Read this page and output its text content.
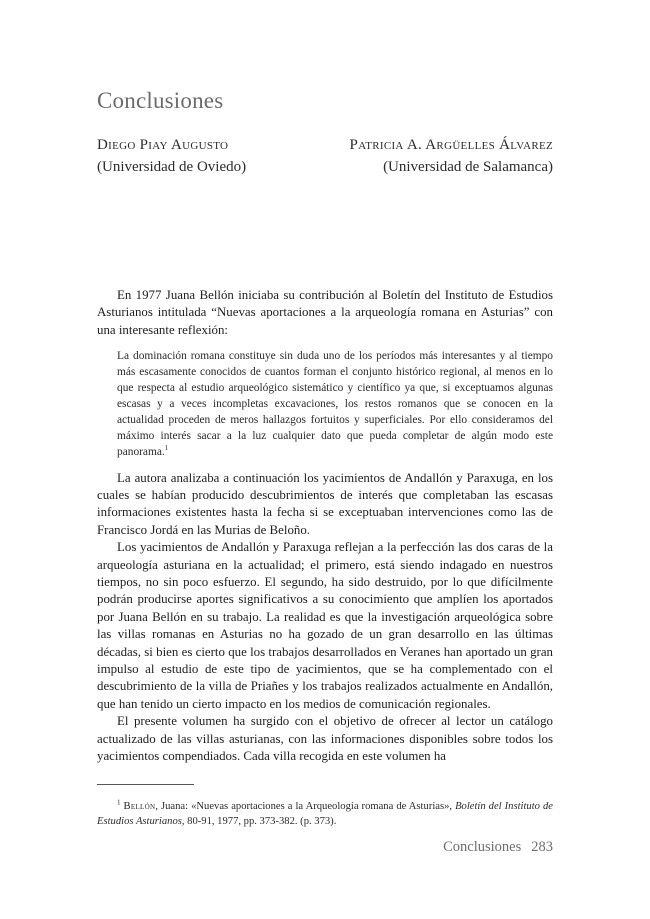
Conclusiones
Diego Piay Augusto
(Universidad de Oviedo)
Patricia A. Argüelles Álvarez
(Universidad de Salamanca)

En 1977 Juana Bellón iniciaba su contribución al Boletín del Instituto de Estudios Asturianos intitulada “Nuevas aportaciones a la arqueología romana en Asturias” con una interesante reflexión:

La dominación romana constituye sin duda uno de los períodos más interesantes y al tiempo más escasamente conocidos de cuantos forman el conjunto histórico regional, al menos en lo que respecta al estudio arqueológico sistemático y científico ya que, si exceptuamos algunas escasas y a veces incompletas excavaciones, los restos romanos que se conocen en la actualidad proceden de meros hallazgos fortuitos y superficiales. Por ello consideramos del máximo interés sacar a la luz cualquier dato que pueda completar de algún modo este panorama.$^1$

La autora analizaba a continuación los yacimientos de Andallón y Paraxuga, en los cuales se habían producido descubrimientos de interés que completaban las escasas informaciones existentes hasta la fecha si se exceptuaban intervenciones como las de Francisco Jordá en las Murias de Beloño.

Los yacimientos de Andallón y Paraxuga reflejan a la perfección las dos caras de la arqueología asturiana en la actualidad; el primero, está siendo indagado en nuestros tiempos, no sin poco esfuerzo. El segundo, ha sido destruido, por lo que difícilmente podrán producirse aportes significativos a su conocimiento que amplíen los aportados por Juana Bellón en su trabajo. La realidad es que la investigación arqueológica sobre las villas romanas en Asturias no ha gozado de un gran desarrollo en las últimas décadas, si bien es cierto que los trabajos desarrollados en Veranes han aportado un gran impulso al estudio de este tipo de yacimientos, que se ha complementado con el descubrimiento de la villa de Priañes y los trabajos realizados actualmente en Andallón, que han tenido un cierto impacto en los medios de comunicación regionales.

El presente volumen ha surgido con el objetivo de ofrecer al lector un catálogo actualizado de las villas asturianas, con las informaciones disponibles sobre todos los yacimientos compendiados. Cada villa recogida en este volumen ha

$^1$ Bellón, Juana: «Nuevas aportaciones a la Arqueología romana de Asturias», Boletín del Instituto de Estudios Asturianos, 80-91, 1977, pp. 373-382. (p. 373).
Conclusiones 283
